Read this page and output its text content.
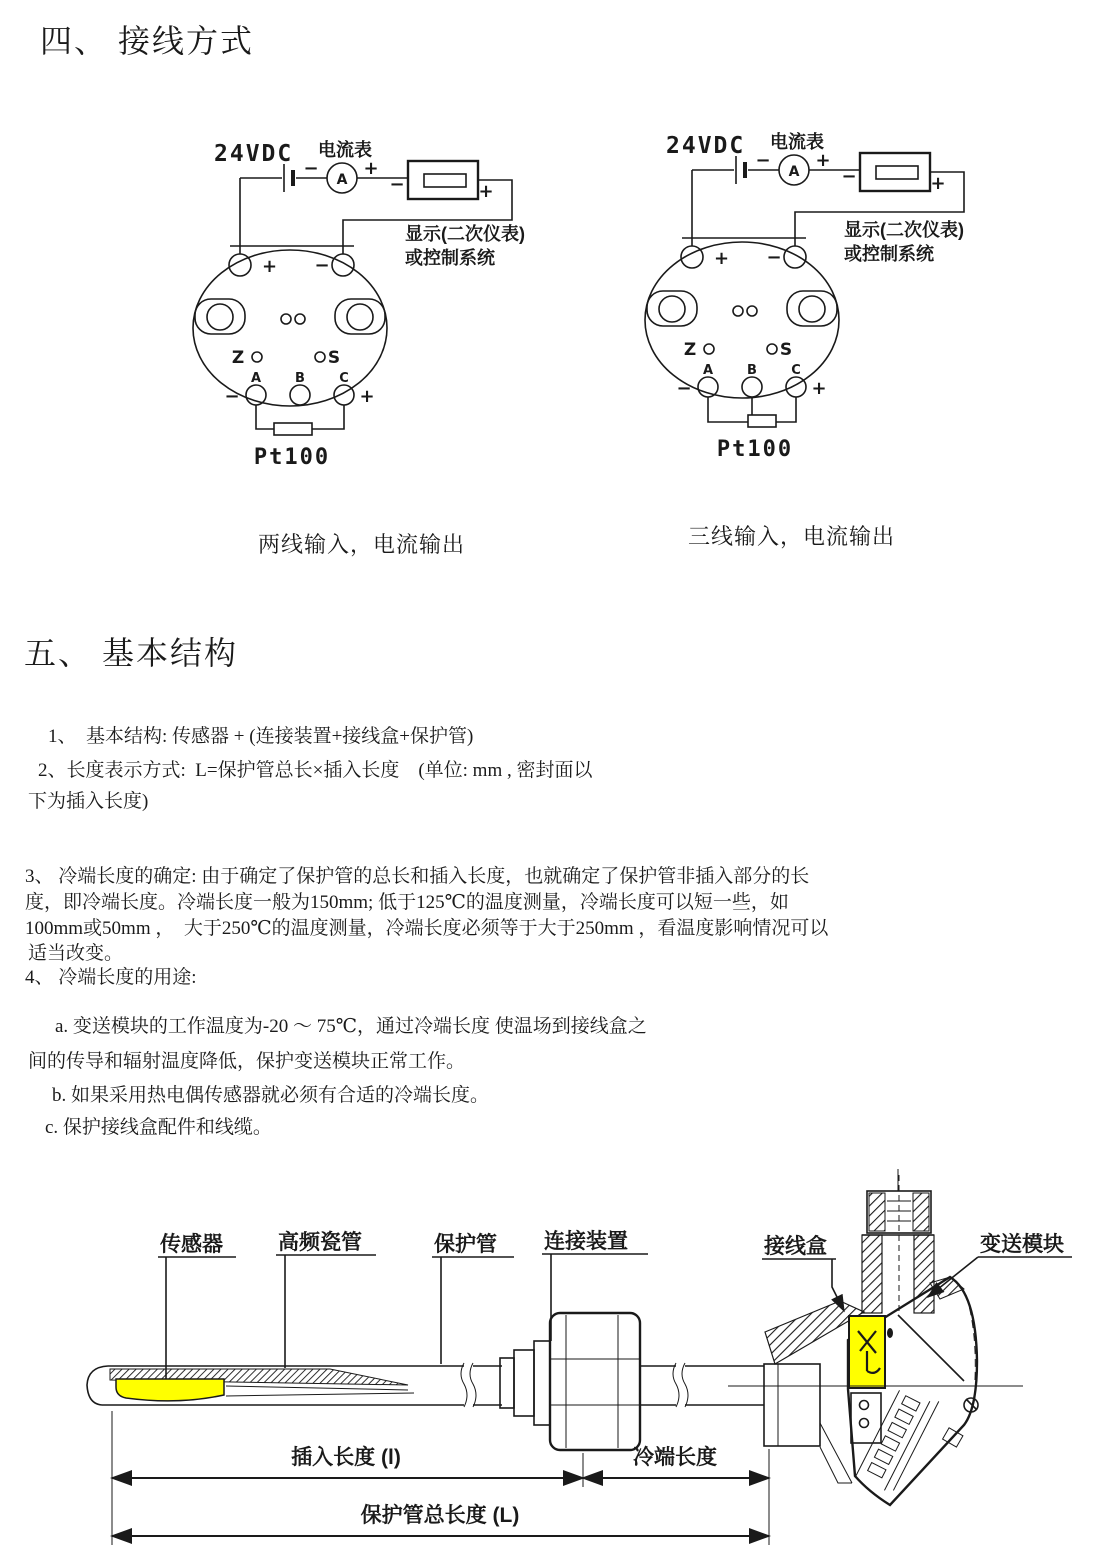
四、 接线方式
24VDC 电流表
−
A
+
−	+
显示(二次仪表)
或控制系统
+ −
Z	S
A	B	C
−	+
Pt100
24VDC 电流表
−
A
+
−	+
显示(二次仪表)
或控制系统
+ −
Z	S
A	B	C
−	+
Pt100
两线输入，电流输出	三线输入，电流输出
五、 基本结构
1、  基本结构: 传感器 + (连接装置+接线盒+保护管)
2、长度表示方式:  L=保护管总长×插入长度    (单位: mm , 密封面以
下为插入长度)
3、 冷端长度的确定: 由于确定了保护管的总长和插入长度，也就确定了保护管非插入部分的长
度，即冷端长度。冷端长度一般为150mm; 低于125℃的温度测量，冷端长度可以短一些，如
100mm或50mm ，  大于250℃的温度测量，冷端长度必须等于大于250mm ，看温度影响情况可以
适当改变。
4、 冷端长度的用途:
a. 变送模块的工作温度为-20 ～ 75℃，通过冷端长度 使温场到接线盒之
间的传导和辐射温度降低，保护变送模块正常工作。
b. 如果采用热电偶传感器就必须有合适的冷端长度。
c. 保护接线盒配件和线缆。
传感器	高频瓷管	保护管 连接装置	接线盒	变送模块
插入长度 (l)	冷端长度
保护管总长度 (L)
